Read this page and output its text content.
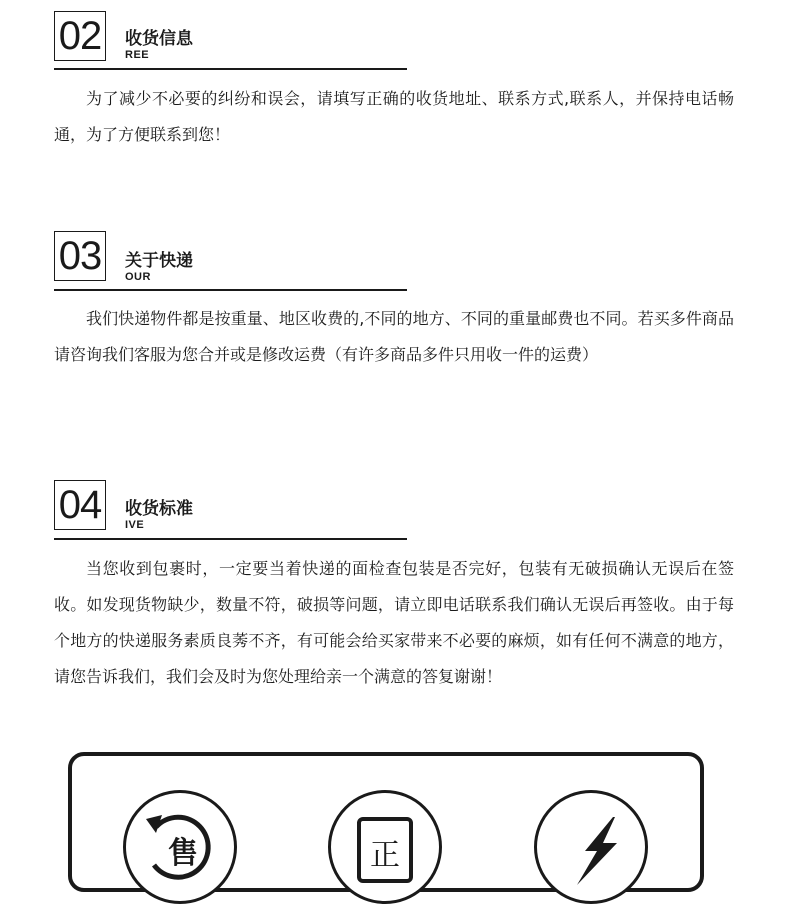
02 收货信息
REE
为了减少不必要的纠纷和误会，请填写正确的收货地址、联系方式,联系人，并保持电话畅通，为了方便联系到您！
03 关于快递
OUR
我们快递物件都是按重量、地区收费的,不同的地方、不同的重量邮费也不同。若买多件商品请咨询我们客服为您合并或是修改运费（有许多商品多件只用收一件的运费）
04 收货标准
IVE
当您收到包裹时，一定要当着快递的面检查包装是否完好，包装有无破损确认无误后在签收。如发现货物缺少，数量不符，破损等问题，请立即电话联系我们确认无误后再签收。由于每个地方的快递服务素质良莠不齐，有可能会给买家带来不必要的麻烦，如有任何不满意的地方，请您告诉我们，我们会及时为您处理给亲一个满意的答复谢谢！
售	正
